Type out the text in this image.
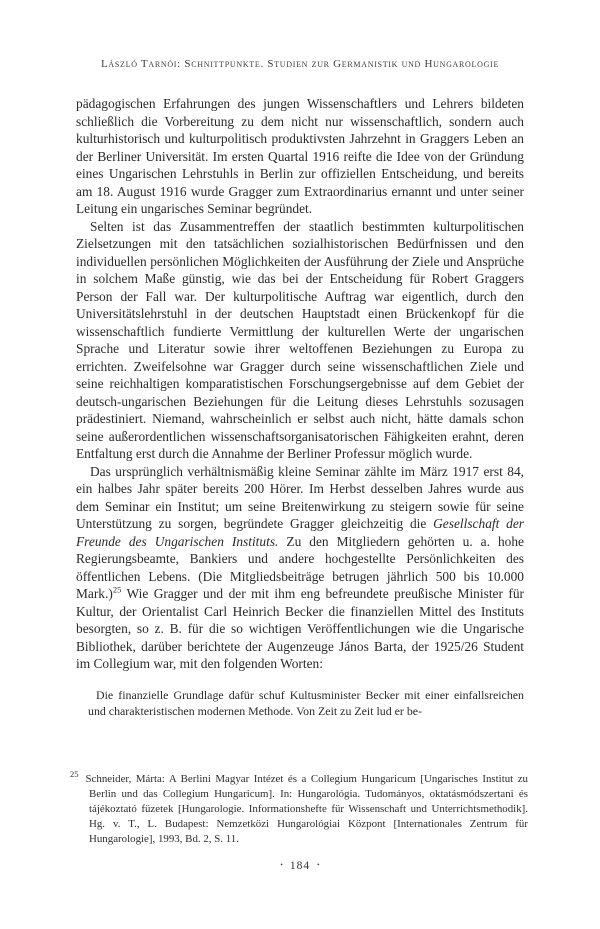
László Tarnói: Schnittpunkte. Studien zur Germanistik und Hungarologie

pädagogischen Erfahrungen des jungen Wissenschaftlers und Lehrers bildeten schließlich die Vorbereitung zu dem nicht nur wissenschaftlich, sondern auch kulturhistorisch und kulturpolitisch produktivsten Jahrzehnt in Graggers Leben an der Berliner Universität. Im ersten Quartal 1916 reifte die Idee von der Gründung eines Ungarischen Lehrstuhls in Berlin zur offiziellen Entscheidung, und bereits am 18. August 1916 wurde Gragger zum Extraordinarius ernannt und unter seiner Leitung ein ungarisches Seminar begründet.

Selten ist das Zusammentreffen der staatlich bestimmten kulturpolitischen Zielsetzungen mit den tatsächlichen sozialhistorischen Bedürfnissen und den individuellen persönlichen Möglichkeiten der Ausführung der Ziele und Ansprüche in solchem Maße günstig, wie das bei der Entscheidung für Robert Graggers Person der Fall war. Der kulturpolitische Auftrag war eigentlich, durch den Universitätslehrstuhl in der deutschen Hauptstadt einen Brückenkopf für die wissenschaftlich fundierte Vermittlung der kulturellen Werte der ungarischen Sprache und Literatur sowie ihrer weltoffenen Beziehungen zu Europa zu errichten. Zweifelsohne war Gragger durch seine wissenschaftlichen Ziele und seine reichhaltigen komparatistischen Forschungsergebnisse auf dem Gebiet der deutsch-ungarischen Beziehungen für die Leitung dieses Lehrstuhls sozusagen prädestiniert. Niemand, wahrscheinlich er selbst auch nicht, hätte damals schon seine außerordentlichen wissenschaftsorganisatorischen Fähigkeiten erahnt, deren Entfaltung erst durch die Annahme der Berliner Professur möglich wurde.

Das ursprünglich verhältnismäßig kleine Seminar zählte im März 1917 erst 84, ein halbes Jahr später bereits 200 Hörer. Im Herbst desselben Jahres wurde aus dem Seminar ein Institut; um seine Breitenwirkung zu steigern sowie für seine Unterstützung zu sorgen, begründete Gragger gleichzeitig die Gesellschaft der Freunde des Ungarischen Instituts. Zu den Mitgliedern gehörten u. a. hohe Regierungsbeamte, Bankiers und andere hochgestellte Persönlichkeiten des öffentlichen Lebens. (Die Mitgliedsbeiträge betrugen jährlich 500 bis 10.000 Mark.)$^{25}$ Wie Gragger und der mit ihm eng befreundete preußische Minister für Kultur, der Orientalist Carl Heinrich Becker die finanziellen Mittel des Instituts besorgten, so z. B. für die so wichtigen Veröffentlichungen wie die Ungarische Bibliothek, darüber berichtete der Augenzeuge János Barta, der 1925/26 Student im Collegium war, mit den folgenden Worten:

Die finanzielle Grundlage dafür schuf Kultusminister Becker mit einer einfallsreichen und charakteristischen modernen Methode. Von Zeit zu Zeit lud er be-
$^{25}$ Schneider, Márta: A Berlini Magyar Intézet és a Collegium Hungaricum [Ungarisches Institut zu Berlin und das Collegium Hungaricum]. In: Hungarológia. Tudományos, oktatásmódszertani és tájékoztató füzetek [Hungarologie. Informationshefte für Wissenschaft und Unterrichtsmethodik]. Hg. v. T., L. Budapest: Nemzetközi Hungarológiai Központ [Internationales Zentrum für Hungarologie], 1993, Bd. 2, S. 11.
• 184 •
